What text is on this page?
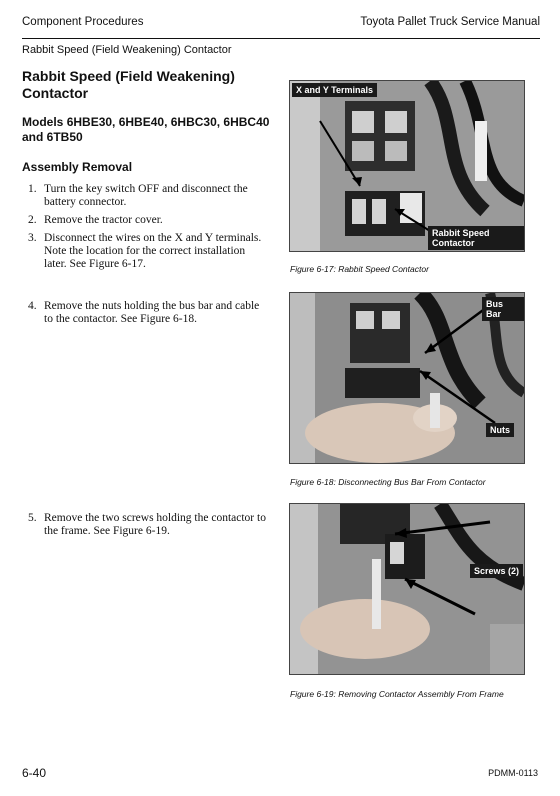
Component Procedures	Toyota Pallet Truck Service Manual
Rabbit Speed (Field Weakening) Contactor
Rabbit Speed (Field Weakening) Contactor
Models 6HBE30, 6HBE40, 6HBC30, 6HBC40 and 6TB50
Assembly Removal
1. Turn the key switch OFF and disconnect the battery connector.
2. Remove the tractor cover.
3. Disconnect the wires on the X and Y terminals. Note the location for the correct installation later. See Figure 6-17.
4. Remove the nuts holding the bus bar and cable to the contactor. See Figure 6-18.
5. Remove the two screws holding the contactor to the frame. See Figure 6-19.
X and Y Terminals
Rabbit Speed Contactor
Figure 6-17: Rabbit Speed Contactor
Bus Bar
Nuts
Figure 6-18: Disconnecting Bus Bar From Contactor
Screws (2)
Figure 6-19: Removing Contactor Assembly From Frame
6-40	PDMM-0113
